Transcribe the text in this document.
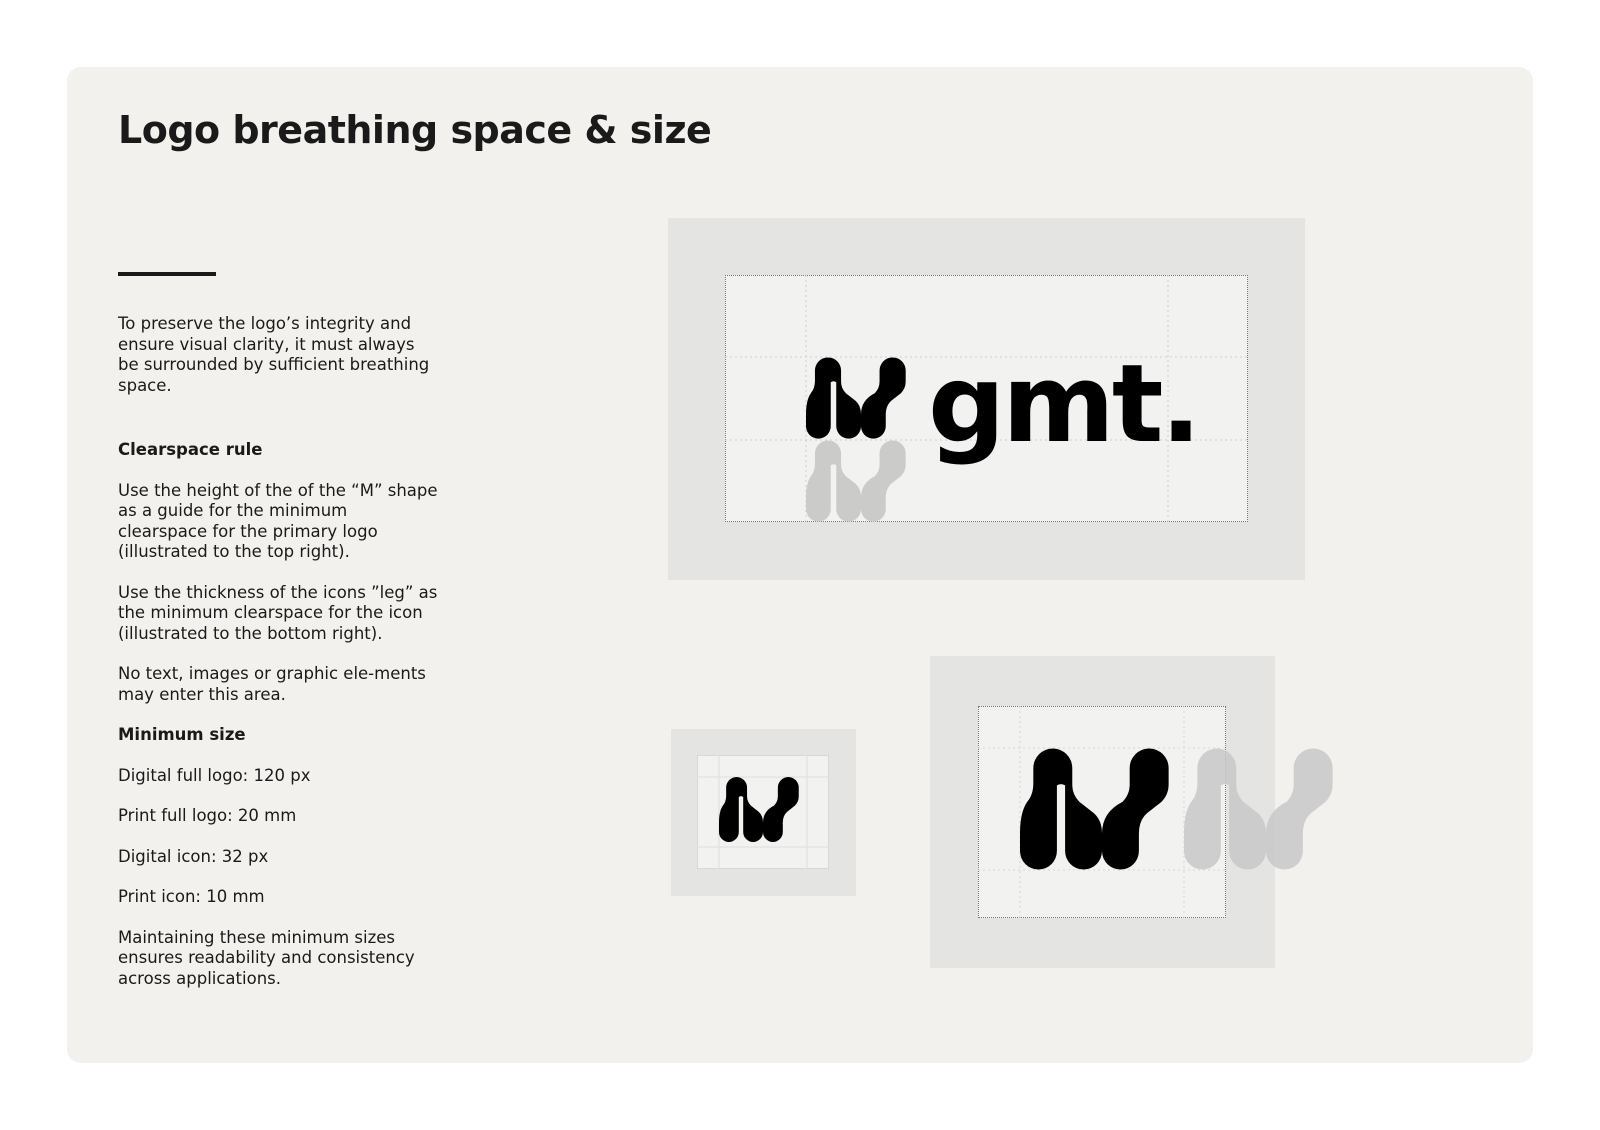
Logo breathing space & size

To preserve the logo’s integrity and ensure visual clarity, it must always be surrounded by sufficient breathing space.

Clearspace rule

Use the height of the of the “M” shape as a guide for the minimum clearspace for the primary logo (illustrated to the top right).

Use the thickness of the icons ”leg” as the minimum clearspace for the icon (illustrated to the bottom right).

No text, images or graphic ele-ments may enter this area.

Minimum size

Digital full logo: 120 px

Print full logo: 20 mm

Digital icon: 32 px

Print icon: 10 mm

Maintaining these minimum sizes ensures readability and consistency across applications.

gmt.
